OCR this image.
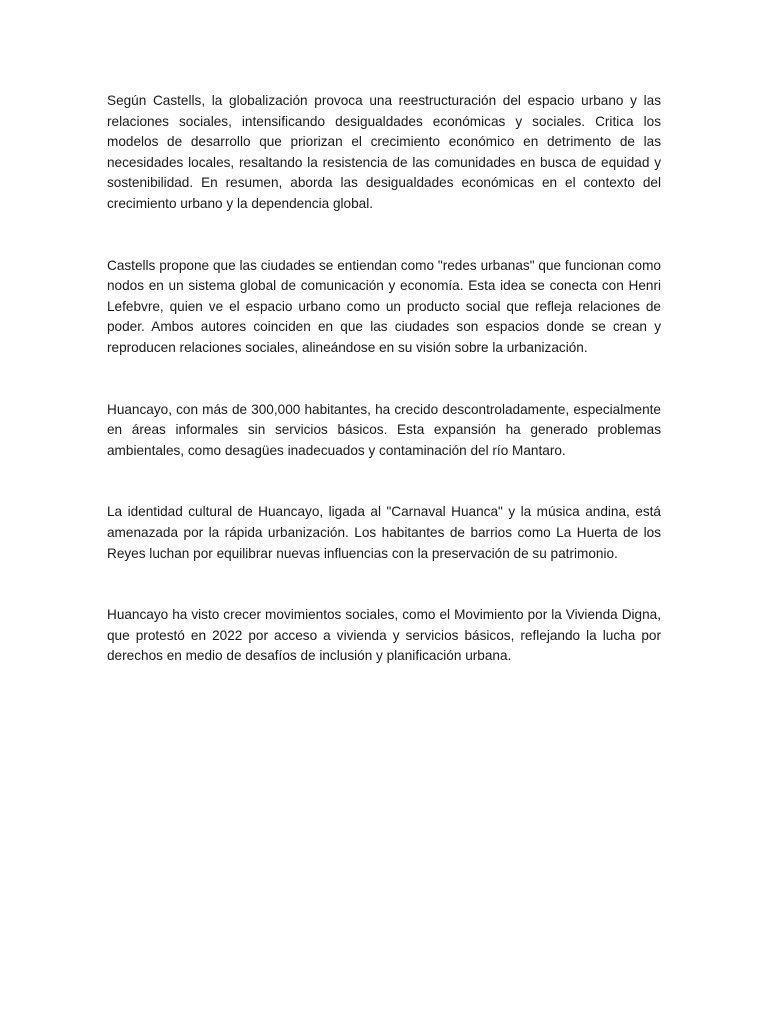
Según Castells, la globalización provoca una reestructuración del espacio urbano y las relaciones sociales, intensificando desigualdades económicas y sociales. Critica los modelos de desarrollo que priorizan el crecimiento económico en detrimento de las necesidades locales, resaltando la resistencia de las comunidades en busca de equidad y sostenibilidad. En resumen, aborda las desigualdades económicas en el contexto del crecimiento urbano y la dependencia global.

Castells propone que las ciudades se entiendan como "redes urbanas" que funcionan como nodos en un sistema global de comunicación y economía. Esta idea se conecta con Henri Lefebvre, quien ve el espacio urbano como un producto social que refleja relaciones de poder. Ambos autores coinciden en que las ciudades son espacios donde se crean y reproducen relaciones sociales, alineándose en su visión sobre la urbanización.

Huancayo, con más de 300,000 habitantes, ha crecido descontroladamente, especialmente en áreas informales sin servicios básicos. Esta expansión ha generado problemas ambientales, como desagües inadecuados y contaminación del río Mantaro.

La identidad cultural de Huancayo, ligada al "Carnaval Huanca" y la música andina, está amenazada por la rápida urbanización. Los habitantes de barrios como La Huerta de los Reyes luchan por equilibrar nuevas influencias con la preservación de su patrimonio.

Huancayo ha visto crecer movimientos sociales, como el Movimiento por la Vivienda Digna, que protestó en 2022 por acceso a vivienda y servicios básicos, reflejando la lucha por derechos en medio de desafíos de inclusión y planificación urbana.
